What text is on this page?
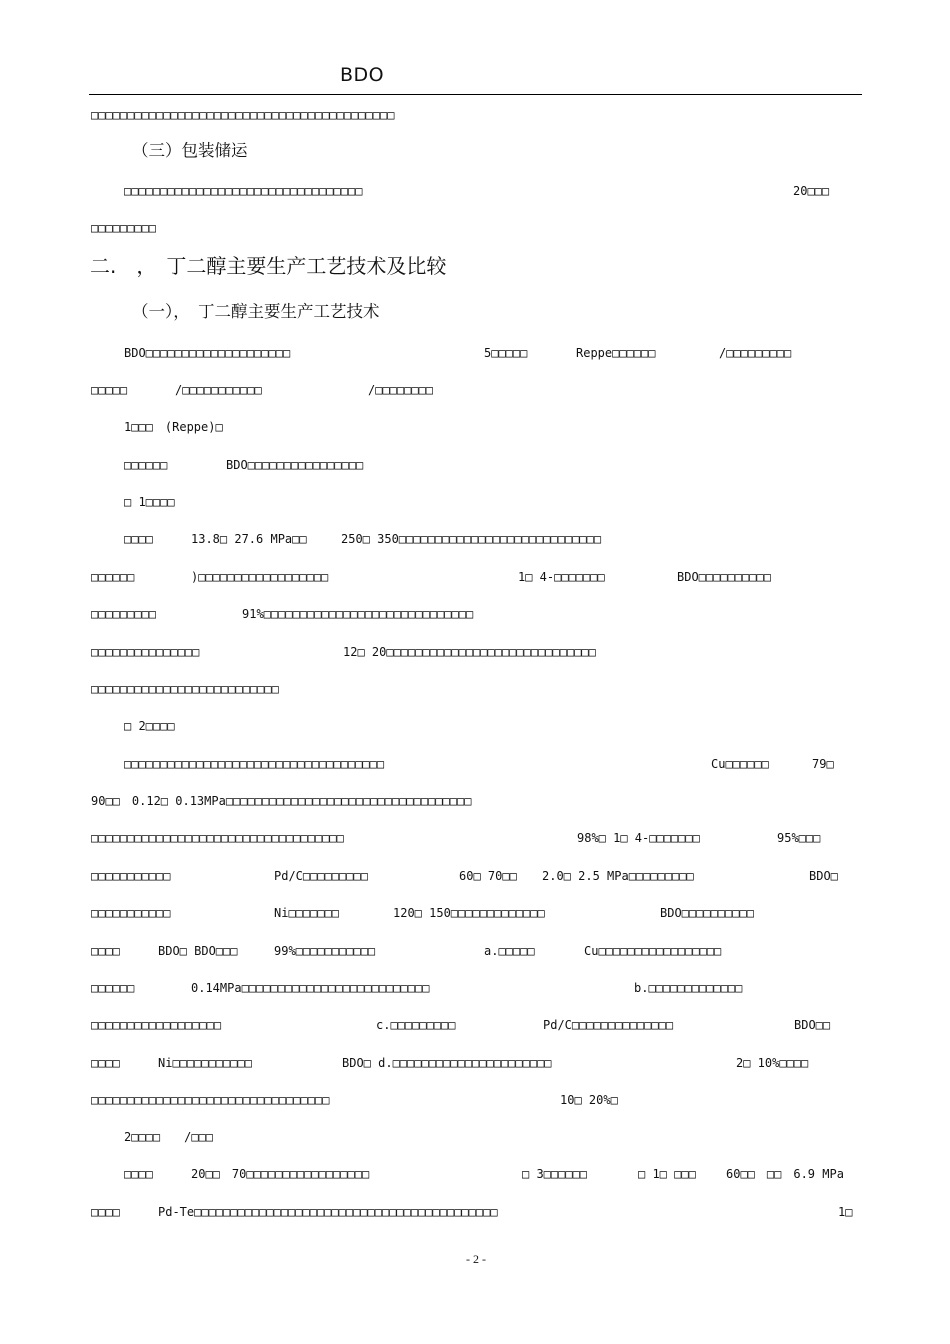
BDO
□□□□□□□□□□□□□□□□□□□□□□□□□□□□□□□□□□□□□□□□□□
（三）包装储运
□□□□□□□□□□□□□□□□□□□□□□□□□□□□□□□□□	20□□□
□□□□□□□□□
二.　，　丁二醇主要生产工艺技术及比较
（一），　丁二醇主要生产工艺技术
BDO□□□□□□□□□□□□□□□□□□□□	5□□□□□	Reppe□□□□□□	/□□□□□□□□□
□□□□□	/□□□□□□□□□□□	/□□□□□□□□
1□□□　(Reppe)□
□□□□□□	BDO□□□□□□□□□□□□□□□□
□ 1□□□□
□□□□	13.8□ 27.6 MPa□□	250□ 350□□□□□□□□□□□□□□□□□□□□□□□□□□□□
□□□□□□	)□□□□□□□□□□□□□□□□□□	1□ 4-□□□□□□□	BDO□□□□□□□□□□
□□□□□□□□□	91%□□□□□□□□□□□□□□□□□□□□□□□□□□□□□
□□□□□□□□□□□□□□□	12□ 20□□□□□□□□□□□□□□□□□□□□□□□□□□□□□
□□□□□□□□□□□□□□□□□□□□□□□□□□
□ 2□□□□
□□□□□□□□□□□□□□□□□□□□□□□□□□□□□□□□□□□□	Cu□□□□□□	79□
90□□　0.12□ 0.13MPa□□□□□□□□□□□□□□□□□□□□□□□□□□□□□□□□□□
□□□□□□□□□□□□□□□□□□□□□□□□□□□□□□□□□□□	98%□ 1□ 4-□□□□□□□	95%□□□
□□□□□□□□□□□	Pd/C□□□□□□□□□	60□ 70□□ 2.0□ 2.5 MPa□□□□□□□□□	BDO□
□□□□□□□□□□□	Ni□□□□□□□	120□ 150□□□□□□□□□□□□□	BDO□□□□□□□□□□
□□□□	BDO□ BDO□□□	99%□□□□□□□□□□□	a.□□□□□	Cu□□□□□□□□□□□□□□□□□
□□□□□□	0.14MPa□□□□□□□□□□□□□□□□□□□□□□□□□□	b.□□□□□□□□□□□□□
□□□□□□□□□□□□□□□□□□	c.□□□□□□□□□	Pd/C□□□□□□□□□□□□□□	BDO□□
□□□□	Ni□□□□□□□□□□□	BDO□ d.□□□□□□□□□□□□□□□□□□□□□□	2□ 10%□□□□
□□□□□□□□□□□□□□□□□□□□□□□□□□□□□□□□□	10□ 20%□
2□□□□　　/□□□
□□□□	20□□　70□□□□□□□□□□□□□□□□□	□ 3□□□□□□	□ 1□ □□□	60□□　□□　6.9 MPa
□□□□	Pd-Te□□□□□□□□□□□□□□□□□□□□□□□□□□□□□□□□□□□□□□□□□□	1□
- 2 -
